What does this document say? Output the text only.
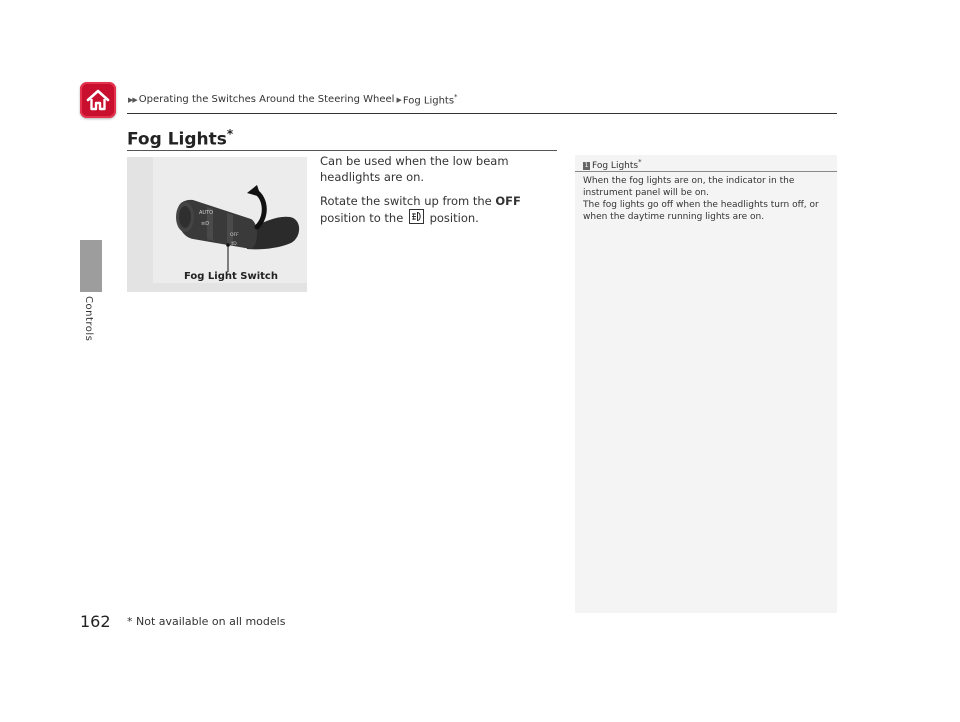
▶▶ Operating the Switches Around the Steering Wheel ▶ Fog Lights*
Controls
Fog Lights*
AUTO
≡D
OFF
‡D
Fog Light Switch

Can be used when the low beam headlights are on.

Rotate the switch up from the OFF position to the
position.

1 Fog Lights*

When the fog lights are on, the indicator in the instrument panel will be on.

The fog lights go off when the headlights turn off, or when the daytime running lights are on.

162 * Not available on all models
